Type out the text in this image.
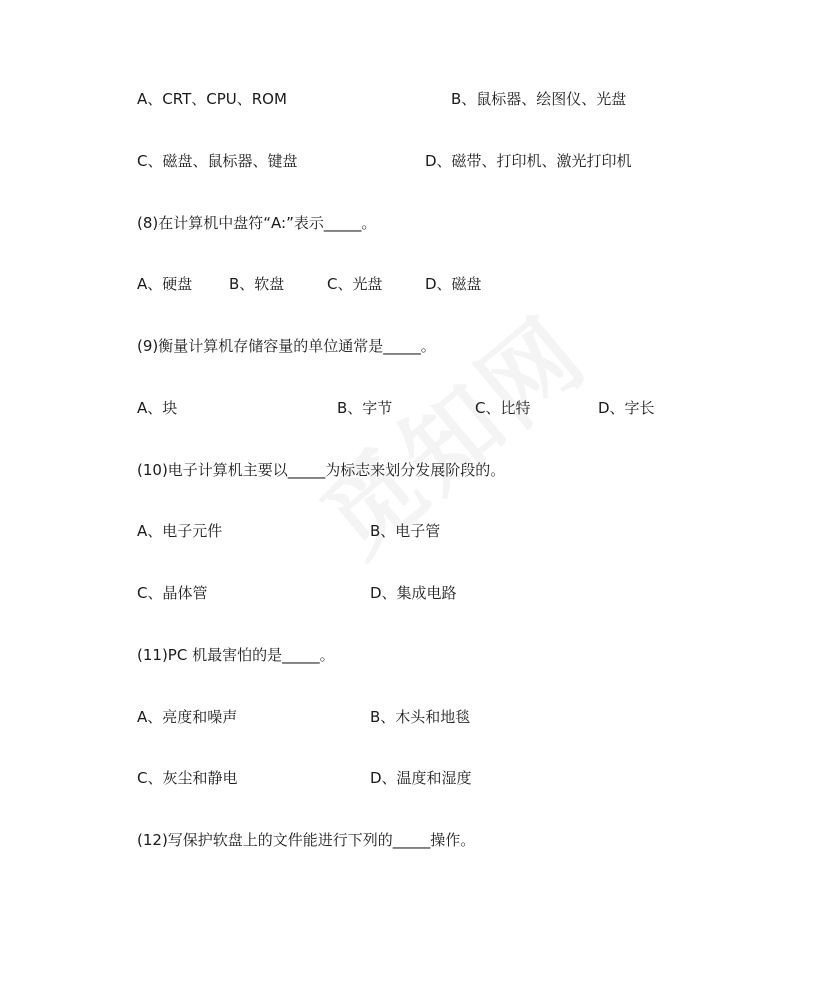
A、CRT、CPU、ROM	B、鼠标器、绘图仪、光盘
C、磁盘、鼠标器、键盘	D、磁带、打印机、激光打印机
(8)在计算机中盘符“A:”表示_____。
A、硬盘 B、软盘	C、光盘	D、磁盘
(9)衡量计算机存储容量的单位通常是_____。
A、块	B、字节	C、比特	D、字长
(10)电子计算机主要以_____为标志来划分发展阶段的。
A、电子元件	B、电子管
C、晶体管	D、集成电路
(11)PC 机最害怕的是_____。
A、亮度和噪声	B、木头和地毯
C、灰尘和静电	D、温度和湿度
(12)写保护软盘上的文件能进行下列的_____操作。
